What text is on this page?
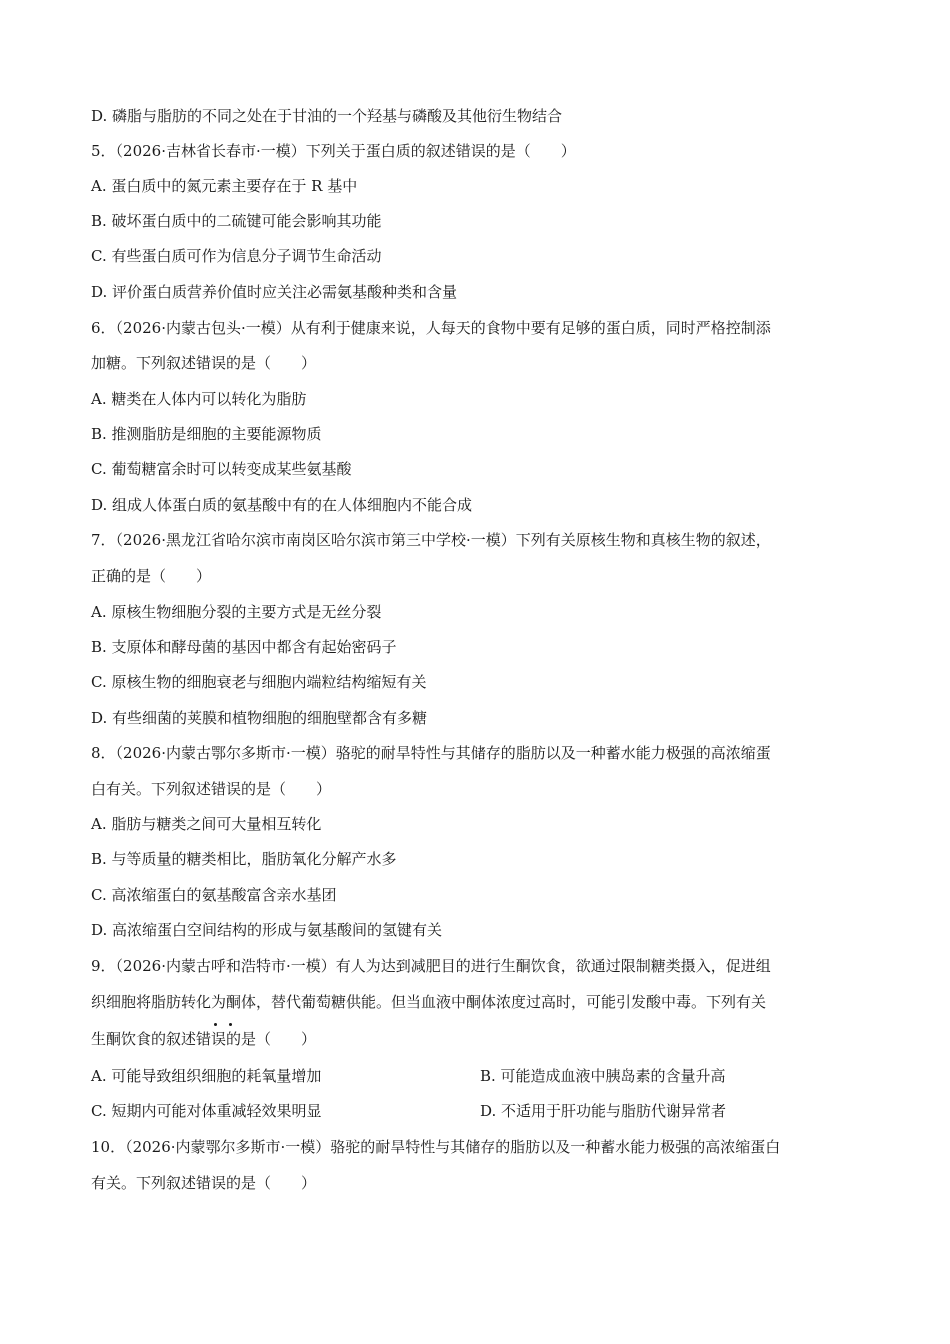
D. 磷脂与脂肪的不同之处在于甘油的一个羟基与磷酸及其他衍生物结合
5．（2026·吉林省长春市·一模）下列关于蛋白质的叙述错误的是（　　）
A. 蛋白质中的氮元素主要存在于 R 基中
B. 破坏蛋白质中的二硫键可能会影响其功能
C. 有些蛋白质可作为信息分子调节生命活动
D. 评价蛋白质营养价值时应关注必需氨基酸种类和含量
6．（2026·内蒙古包头·一模）从有利于健康来说，人每天的食物中要有足够的蛋白质，同时严格控制添
加糖。下列叙述错误的是（　　）
A. 糖类在人体内可以转化为脂肪
B. 推测脂肪是细胞的主要能源物质
C. 葡萄糖富余时可以转变成某些氨基酸
D. 组成人体蛋白质的氨基酸中有的在人体细胞内不能合成
7．（2026·黑龙江省哈尔滨市南岗区哈尔滨市第三中学校·一模）下列有关原核生物和真核生物的叙述，
正确的是（　　）
A. 原核生物细胞分裂的主要方式是无丝分裂
B. 支原体和酵母菌的基因中都含有起始密码子
C. 原核生物的细胞衰老与细胞内端粒结构缩短有关
D. 有些细菌的荚膜和植物细胞的细胞壁都含有多糖
8．（2026·内蒙古鄂尔多斯市·一模）骆驼的耐旱特性与其储存的脂肪以及一种蓄水能力极强的高浓缩蛋
白有关。下列叙述错误的是（　　）
A. 脂肪与糖类之间可大量相互转化
B. 与等质量的糖类相比，脂肪氧化分解产水多
C. 高浓缩蛋白的氨基酸富含亲水基团
D. 高浓缩蛋白空间结构的形成与氨基酸间的氢键有关
9．（2026·内蒙古呼和浩特市·一模）有人为达到减肥目的进行生酮饮食，欲通过限制糖类摄入，促进组
织细胞将脂肪转化为酮体，替代葡萄糖供能。但当血液中酮体浓度过高时，可能引发酸中毒。下列有关
生酮饮食的叙述错误的是（　　）
A. 可能导致组织细胞的耗氧量增加	B. 可能造成血液中胰岛素的含量升高
C. 短期内可能对体重减轻效果明显	D. 不适用于肝功能与脂肪代谢异常者
10．（2026·内蒙鄂尔多斯市·一模）骆驼的耐旱特性与其储存的脂肪以及一种蓄水能力极强的高浓缩蛋白
有关。下列叙述错误的是（　　）
